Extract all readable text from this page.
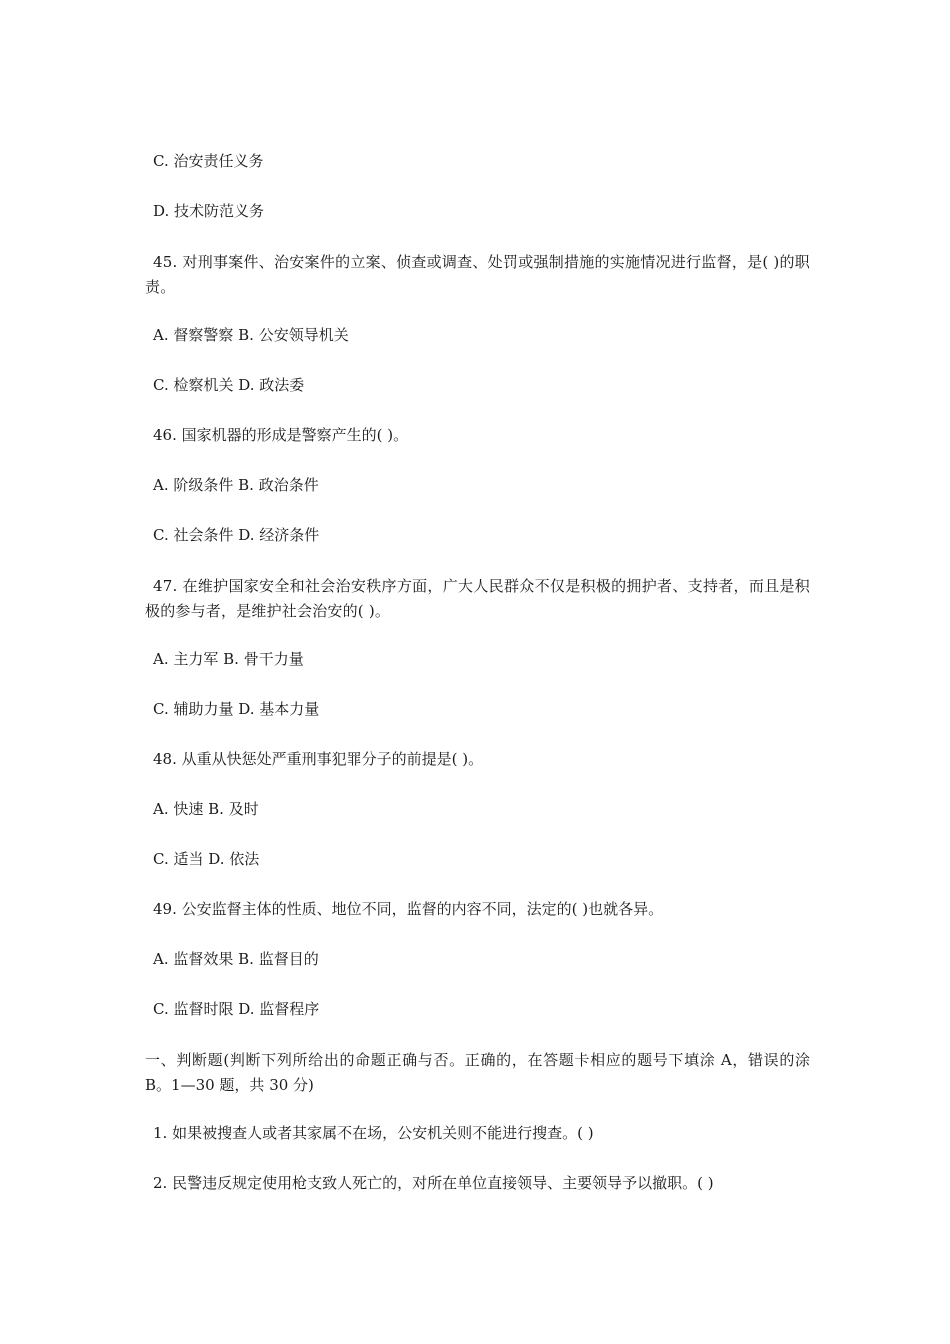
C. 治安责任义务

D. 技术防范义务

45. 对刑事案件、治安案件的立案、侦查或调查、处罚或强制措施的实施情况进行监督，是( )的职责。

A. 督察警察 B. 公安领导机关

C. 检察机关 D. 政法委

46. 国家机器的形成是警察产生的( )。

A. 阶级条件 B. 政治条件

C. 社会条件 D. 经济条件

47. 在维护国家安全和社会治安秩序方面，广大人民群众不仅是积极的拥护者、支持者，而且是积极的参与者，是维护社会治安的( )。

A. 主力军 B. 骨干力量

C. 辅助力量 D. 基本力量

48. 从重从快惩处严重刑事犯罪分子的前提是( )。

A. 快速 B. 及时

C. 适当 D. 依法

49. 公安监督主体的性质、地位不同，监督的内容不同，法定的( )也就各异。

A. 监督效果 B. 监督目的

C. 监督时限 D. 监督程序

一、判断题(判断下列所给出的命题正确与否。正确的，在答题卡相应的题号下填涂 A，错误的涂 B。1—30 题，共 30 分)

1. 如果被搜查人或者其家属不在场，公安机关则不能进行搜查。( )

2. 民警违反规定使用枪支致人死亡的，对所在单位直接领导、主要领导予以撤职。( )
